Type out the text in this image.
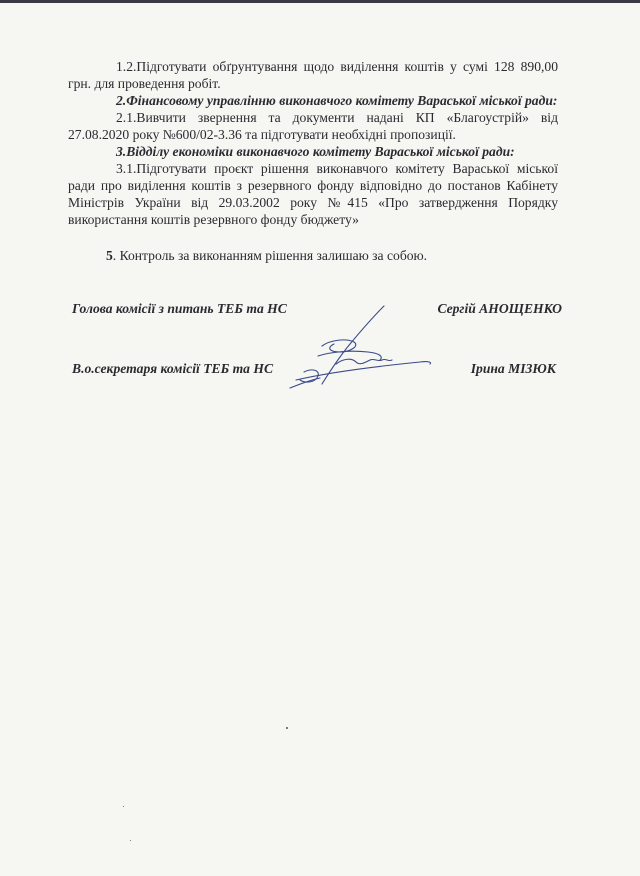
1.2.Підготувати обґрунтування щодо виділення коштів у сумі 128 890,00 грн. для проведення робіт.

2.Фінансовому управлінню виконавчого комітету Вараської міської ради:

2.1.Вивчити звернення та документи надані КП «Благоустрій» від 27.08.2020 року №600/02-3.36 та підготувати необхідні пропозиції.

3.Відділу економіки виконавчого комітету Вараської міської ради:

3.1.Підготувати проєкт рішення виконавчого комітету Вараської міської ради про виділення коштів з резервного фонду відповідно до постанов Кабінету Міністрів України від 29.03.2002 року №415 «Про затвердження Порядку використання коштів резервного фонду бюджету»

5. Контроль за виконанням рішення залишаю за собою.

Голова комісії з питань ТЕБ та НС	Сергій АНОЩЕНКО
В.о.секретаря комісії ТЕБ та НС	Ірина МІЗЮК
